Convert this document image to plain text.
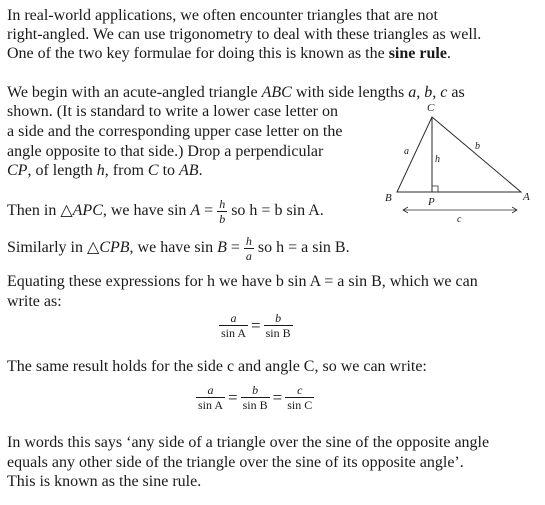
In real-world applications, we often encounter triangles that are not

right-angled. We can use trigonometry to deal with these triangles as well.

One of the two key formulae for doing this is known as the sine rule.

We begin with an acute-angled triangle ABC with side lengths a, b, c as

shown. (It is standard to write a lower case letter on

a side and the corresponding upper case letter on the

angle opposite to that side.) Drop a perpendicular

CP, of length h, from C to AB.

C
B	A
P
a	b
h
c

Then in △APC, we have $\sin A = \frac{h}{b}$ so h = b sin A.

Similarly in △CPB, we have $\sin B = \frac{h}{a}$ so h = a sin B.

Equating these expressions for h we have b sin A = a sin B, which we can

write as:

$\frac{a}{\text{sin A}} = \frac{b}{\text{sin B}}$

The same result holds for the side c and angle C, so we can write:

$\frac{a}{\text{sin A}} = \frac{b}{\text{sin B}} = \frac{c}{\text{sin C}}$

In words this says ‘any side of a triangle over the sine of the opposite angle

equals any other side of the triangle over the sine of its opposite angle’.

This is known as the sine rule.
